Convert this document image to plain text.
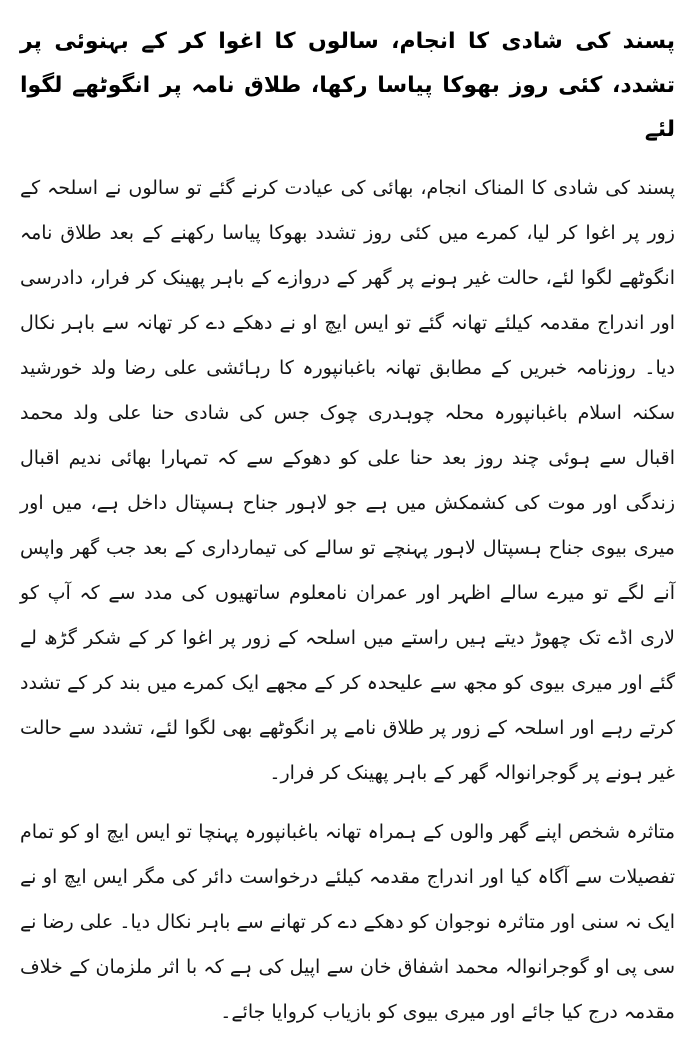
پسند کی شادی کا انجام، سالوں کا اغوا کر کے بہنوئی پر تشدد، کئی روز بھوکا پیاسا رکھا، طلاق نامہ پر انگوٹھے لگوا لئے

پسند کی شادی کا المناک انجام، بھائی کی عیادت کرنے گئے تو سالوں نے اسلحہ کے زور پر اغوا کر لیا، کمرے میں کئی روز تشدد بھوکا پیاسا رکھنے کے بعد طلاق نامہ انگوٹھے لگوا لئے، حالت غیر ہونے پر گھر کے دروازے کے باہر پھینک کر فرار، دادرسی اور اندراج مقدمہ کیلئے تھانہ گئے تو ایس ایچ او نے دھکے دے کر تھانہ سے باہر نکال دیا۔ روزنامہ خبریں کے مطابق تھانہ باغبانپورہ کا رہائشی علی رضا ولد خورشید سکنہ اسلام باغبانپورہ محلہ چوہدری چوک جس کی شادی حنا علی ولد محمد اقبال سے ہوئی چند روز بعد حنا علی کو دھوکے سے کہ تمہارا بھائی ندیم اقبال زندگی اور موت کی کشمکش میں ہے جو لاہور جناح ہسپتال داخل ہے، میں اور میری بیوی جناح ہسپتال لاہور پہنچے تو سالے کی تیمارداری کے بعد جب گھر واپس آنے لگے تو میرے سالے اظہر اور عمران نامعلوم ساتھیوں کی مدد سے کہ آپ کو لاری اڈے تک چھوڑ دیتے ہیں راستے میں اسلحہ کے زور پر اغوا کر کے شکر گڑھ لے گئے اور میری بیوی کو مجھ سے علیحدہ کر کے مجھے ایک کمرے میں بند کر کے تشدد کرتے رہے اور اسلحہ کے زور پر طلاق نامے پر انگوٹھے بھی لگوا لئے، تشدد سے حالت غیر ہونے پر گوجرانوالہ گھر کے باہر پھینک کر فرار۔

متاثرہ شخص اپنے گھر والوں کے ہمراہ تھانہ باغبانپورہ پہنچا تو ایس ایچ او کو تمام تفصیلات سے آگاہ کیا اور اندراج مقدمہ کیلئے درخواست دائر کی مگر ایس ایچ او نے ایک نہ سنی اور متاثرہ نوجوان کو دھکے دے کر تھانے سے باہر نکال دیا۔ علی رضا نے سی پی او گوجرانوالہ محمد اشفاق خان سے اپیل کی ہے کہ با اثر ملزمان کے خلاف مقدمہ درج کیا جائے اور میری بیوی کو بازیاب کروایا جائے۔
